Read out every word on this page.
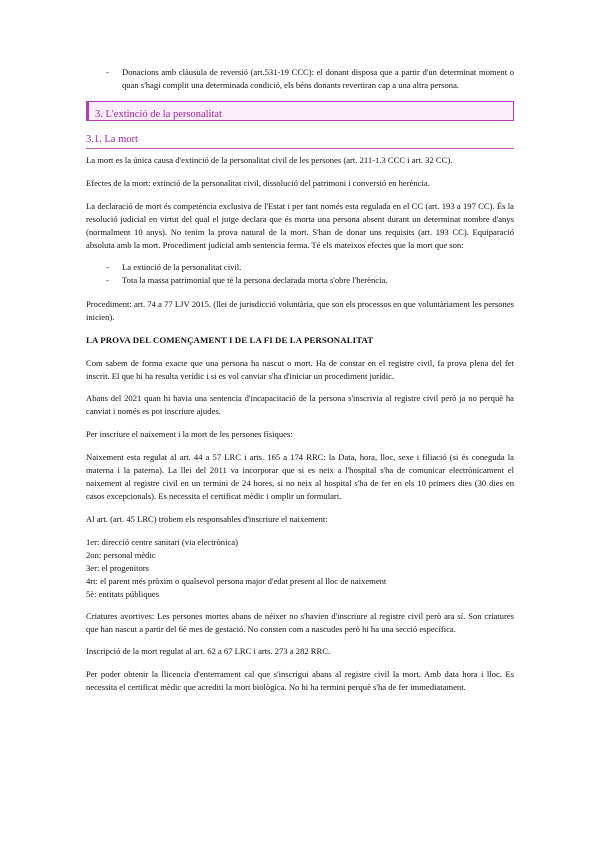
- Donacions amb clàusula de reversió (art.531-19 CCC): el donant disposa que a partir d'un determinat moment o quan s'hagi complit una determinada condició, els béns donants revertiran cap a una altra persona.
3. L'extinció de la personalitat
3.1. La mort

La mort es la única causa d'extinció de la personalitat civil de les persones (art. 211-1.3 CCC i art. 32 CC).

Efectes de la mort: extinció de la personalitat civil, dissolució del patrimoni i conversió en herència.

La declaració de mort és competència exclusiva de l'Estat i per tant només esta regulada en el CC (art. 193 a 197 CC). És la resolució judicial en virtut del qual el jutge declara que és morta una persona absent durant un determinat nombre d'anys (normalment 10 anys). No tenim la prova natural de la mort. S'han de donar uns requisits (art. 193 CC). Equiparació absoluta amb la mort. Procediment judicial amb sentencia ferma. Té els mateixos efectes que la mort que son:

- La extinció de la personalitat civil.
- Tota la massa patrimonial que té la persona declarada morta s'obre l'herència.

Procediment: art. 74 a 77 LJV 2015. (llei de jurisdicció voluntària, que son els processos en que voluntàriament les persones inicien).

LA PROVA DEL COMENÇAMENT I DE LA FI DE LA PERSONALITAT

Com sabem de forma exacte que una persona ha nascut o mort. Ha de constar en el registre civil, fa prova plena del fet inscrit. El que hi ha resulta verídic i si es vol canviar s'ha d'iniciar un procediment jurídic.

Abans del 2021 quan hi havia una sentencia d'incapacitació de la persona s'inscrivia al registre civil però ja no perquè ha canviat i només es pot inscriure ajudes.

Per inscriure el naixement i la mort de les persones físiques:

Naixement esta regulat al art. 44 a 57 LRC i arts. 165 a 174 RRC: la Data, hora, lloc, sexe i filiació (si és coneguda la materna i la paterna). La llei del 2011 va incorporar que si es neix a l'hospital s'ha de comunicar electrònicament el naixement al registre civil en un termini de 24 hores, si no neix al hospital s'ha de fer en els 10 primers dies (30 dies en casos excepcionals). Es necessita el certificat mèdic i omplir un formulari.

Al art. (art. 45 LRC) trobem els responsables d'inscriure el naixement:

1er: direcció centre sanitari (via electrònica)

2on: personal mèdic

3er: el progenitors

4rt: el parent més pròxim o qualsevol persona major d'edat present al lloc de naixement

5è: entitats públiques

Criatures avortives: Les persones mortes abans de néixer no s'havien d'inscriure al registre civil però ara sí. Son criatures que han nascut a partir del 6è mes de gestació. No consten com a nascudes però hi ha una secció específica.

Inscripció de la mort regulat al art. 62 a 67 LRC i arts. 273 a 282 RRC.

Per poder obtenir la llicencia d'enterrament cal que s'inscrigui abans al registre civil la mort. Amb data hora i lloc. Es necessita el certificat mèdic que acrediti la mort biològica. No hi ha termini perquè s'ha de fer immediatament.
